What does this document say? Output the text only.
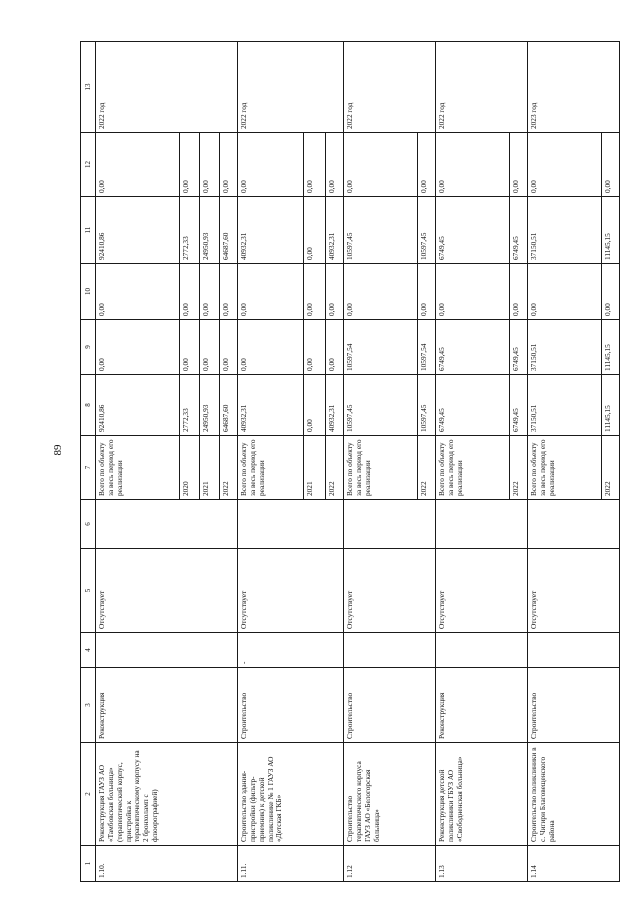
89
1	2	3	4	5	6	7	8	9	10	11	12	13
1.10.	Реконструкция ГАУЗ АО «Тамбовская больница» (терапевтический корпус, пристройка к терапевтическому корпусу на 2 бронхоламп с флюорографией)	Реконструкция		Отсутствует		Всего по объекту за весь период его реализации	92410,86	0,00	0,00	92410,86	0,00	2022 год
						2020	2772,33	0,00	0,00	2772,33	0,00	
						2021	24950,93	0,00	0,00	24950,93	0,00	
						2022	64687,60	0,00	0,00	64687,60	0,00	
1.11.	Строительство здания-пристройки (фильтр-приемник) к детской поликлинике № 1 ГАУЗ АО «Детская ГКБ»	Строительство	-	Отсутствует		Всего по объекту за весь период его реализации	40932,31	0,00	0,00	40932,31	0,00	2022 год
						2021	0,00	0,00	0,00	0,00	0,00	
						2022	40932,31	0,00	0,00	40932,31	0,00	
1.12	Строительство терапевтического корпуса ГАУЗ АО «Белогорская больница»	Строительство		Отсутствует		Всего по объекту за весь период его реализации	10597,45	10597,54	0,00	10597,45	0,00	2022 год
						2022	10597,45	10597,54	0,00	10597,45	0,00	
1.13	Реконструкция детской поликлиники ГБУЗ АО «Свободненская больница»	Реконструкция		Отсутствует		Всего по объекту за весь период его реализации	6749,45	6749,45	0,00	6749,45	0,00	2022 год
						2022	6749,45	6749,45	0,00	6749,45	0,00	
1.14	Строительство поликлиники в с. Чигири Благовещенского района	Строительство		Отсутствует		Всего по объекту за весь период его реализации	37150,51	37150,51	0,00	37150,51	0,00	2023 год
						2022	11145,15	11145,15	0,00	11145,15	0,00	
